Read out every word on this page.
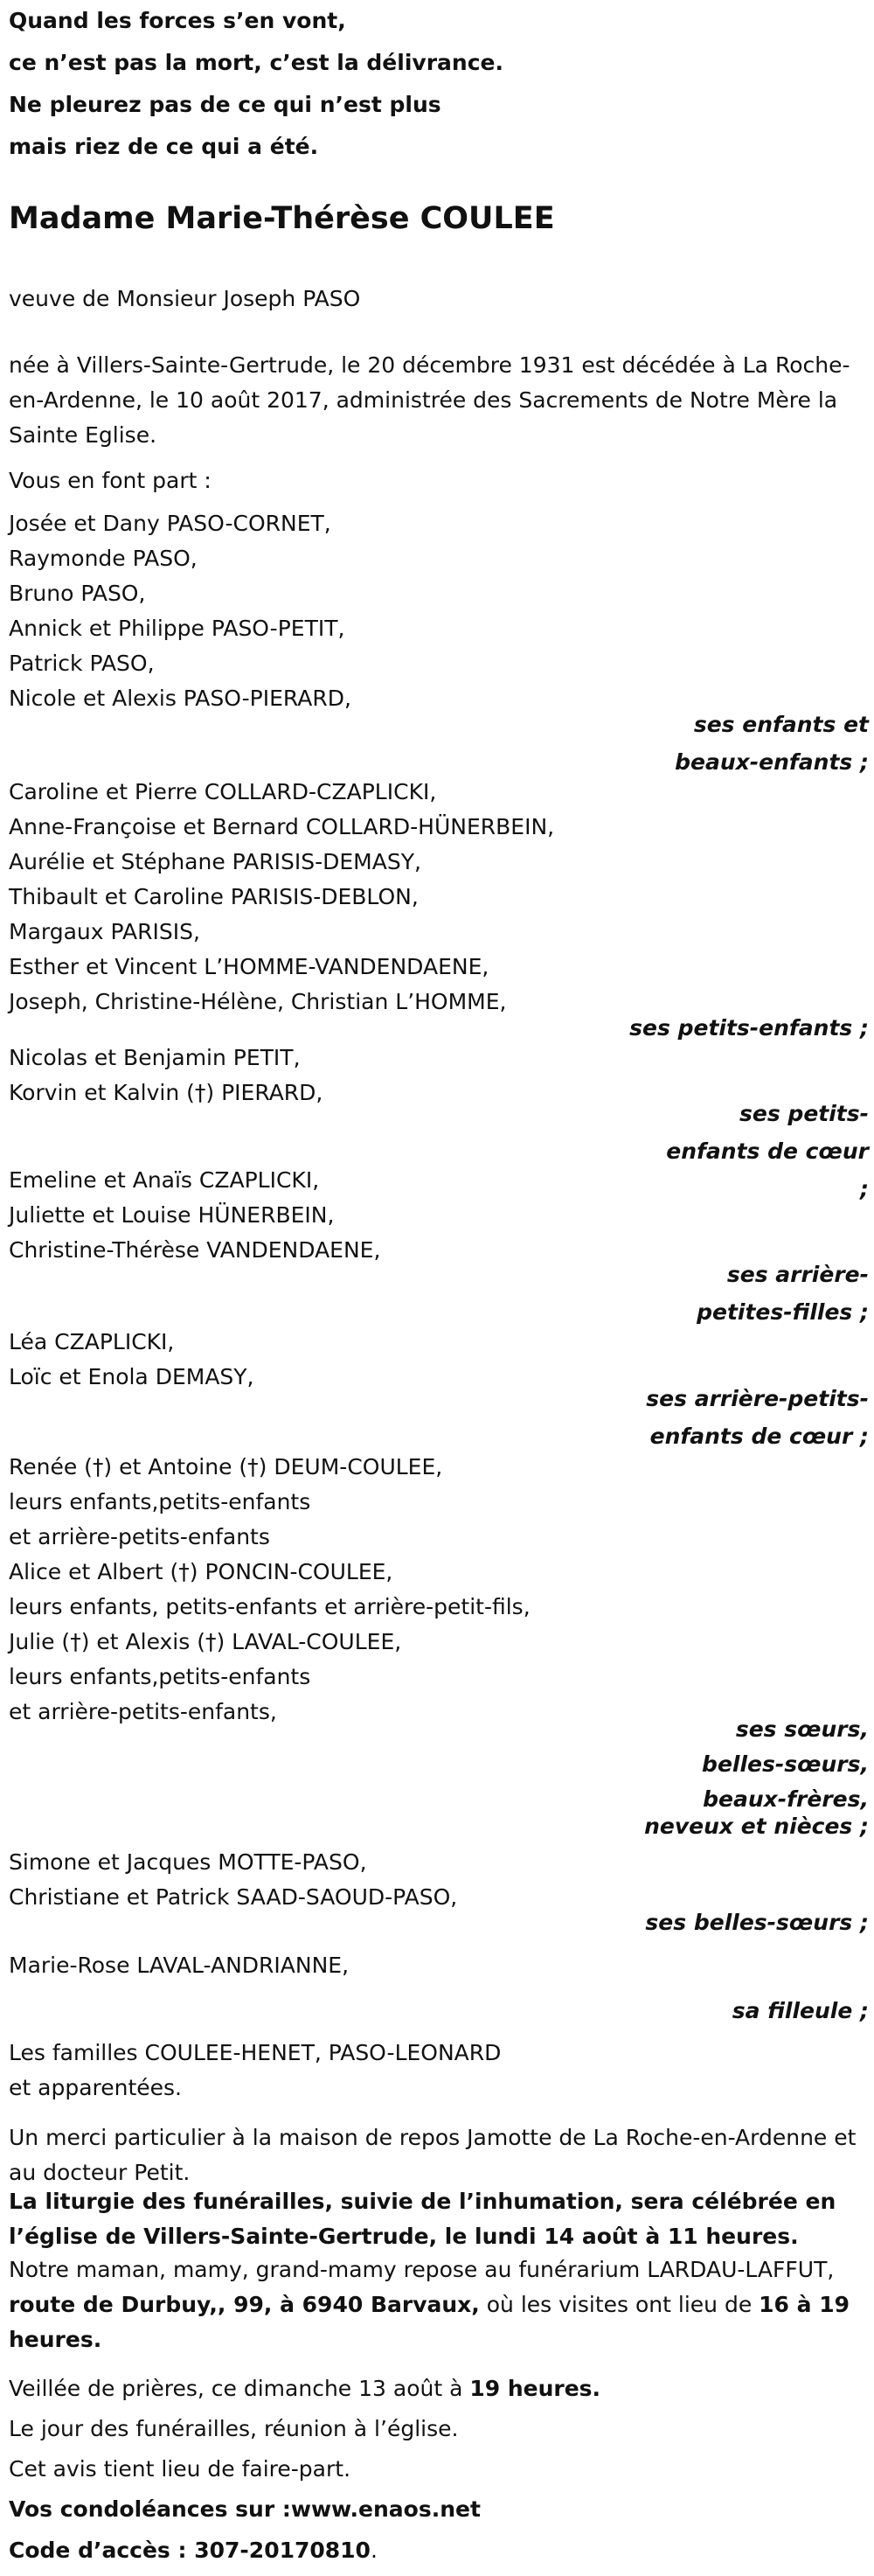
Quand les forces s’en vont,
ce n’est pas la mort, c’est la délivrance.
Ne pleurez pas de ce qui n’est plus
mais riez de ce qui a été.
Madame Marie-Thérèse COULEE
veuve de Monsieur Joseph PASO
née à Villers-Sainte-Gertrude, le 20 décembre 1931 est décédée à La Roche-en-Ardenne, le 10 août 2017, administrée des Sacrements de Notre Mère la Sainte Eglise.
Vous en font part :
Josée et Dany PASO-CORNET,
Raymonde PASO,
Bruno PASO,
Annick et Philippe PASO-PETIT,
Patrick PASO,
Nicole et Alexis PASO-PIERARD,
ses enfants et beaux-enfants ;
Caroline et Pierre COLLARD-CZAPLICKI,
Anne-Françoise et Bernard COLLARD-HÜNERBEIN,
Aurélie et Stéphane PARISIS-DEMASY,
Thibault et Caroline PARISIS-DEBLON,
Margaux PARISIS,
Esther et Vincent L’HOMME-VANDENDAENE,
Joseph, Christine-Hélène, Christian L’HOMME,
ses petits-enfants ;
Nicolas et Benjamin PETIT,
Korvin et Kalvin (†) PIERARD,
ses petits-enfants de cœur ;
Emeline et Anaïs CZAPLICKI,
Juliette et Louise HÜNERBEIN,
Christine-Thérèse VANDENDAENE,
ses arrière-petites-filles ;
Léa CZAPLICKI,
Loïc et Enola DEMASY,
ses arrière-petits-enfants de cœur ;
Renée (†) et Antoine (†) DEUM-COULEE,
leurs enfants,petits-enfants
et arrière-petits-enfants
Alice et Albert (†) PONCIN-COULEE,
leurs enfants, petits-enfants et arrière-petit-fils,
Julie (†) et Alexis (†) LAVAL-COULEE,
leurs enfants,petits-enfants
et arrière-petits-enfants,
ses sœurs, belles-sœurs, beaux-frères,
neveux et nièces ;
Simone et Jacques MOTTE-PASO,
Christiane et Patrick SAAD-SAOUD-PASO,
ses belles-sœurs ;
Marie-Rose LAVAL-ANDRIANNE,
sa filleule ;
Les familles COULEE-HENET, PASO-LEONARD
et apparentées.
Un merci particulier à la maison de repos Jamotte de La Roche-en-Ardenne et au docteur Petit.
La liturgie des funérailles, suivie de l’inhumation, sera célébrée en l’église de Villers-Sainte-Gertrude, le lundi 14 août à 11 heures.
Notre maman, mamy, grand-mamy repose au funérarium LARDAU-LAFFUT, route de Durbuy,, 99, à 6940 Barvaux, où les visites ont lieu de 16 à 19 heures.
Veillée de prières, ce dimanche 13 août à 19 heures.
Le jour des funérailles, réunion à l’église.
Cet avis tient lieu de faire-part.
Vos condoléances sur :www.enaos.net
Code d’accès : 307-20170810.
